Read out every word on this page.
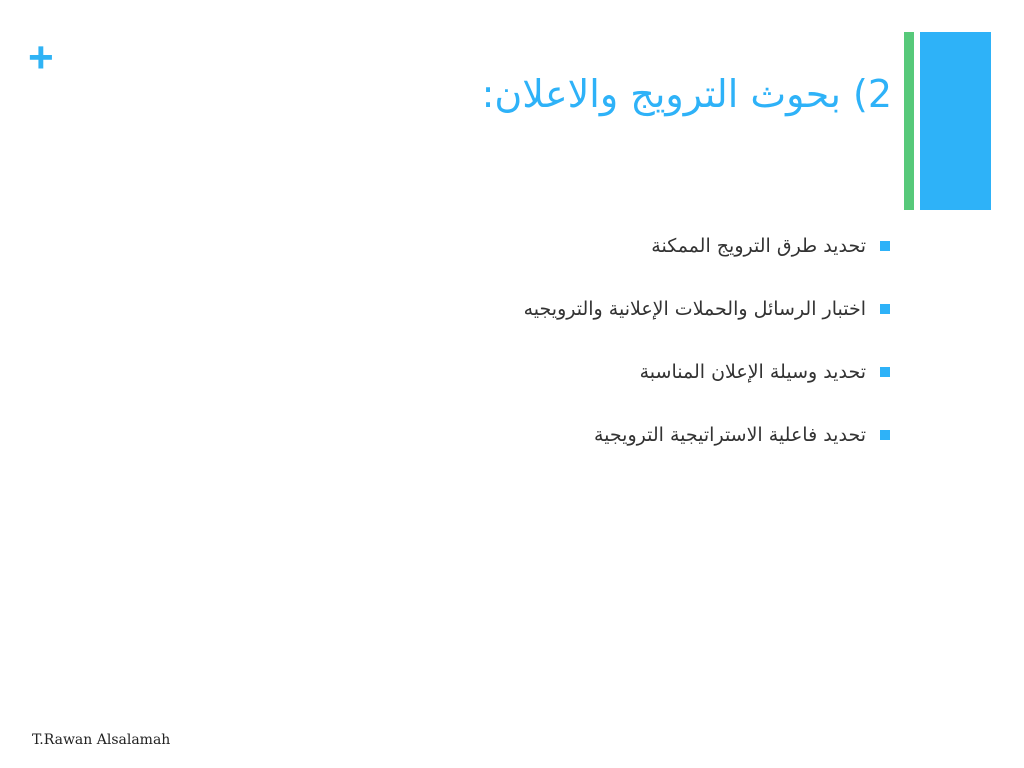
+
2) بحوث الترويج والاعلان:
تحديد طرق الترويج الممكنة
اختبار الرسائل والحملات الإعلانية والترويجيه
تحديد وسيلة الإعلان المناسبة
تحديد فاعلية الاستراتيجية الترويجية
T.Rawan Alsalamah
